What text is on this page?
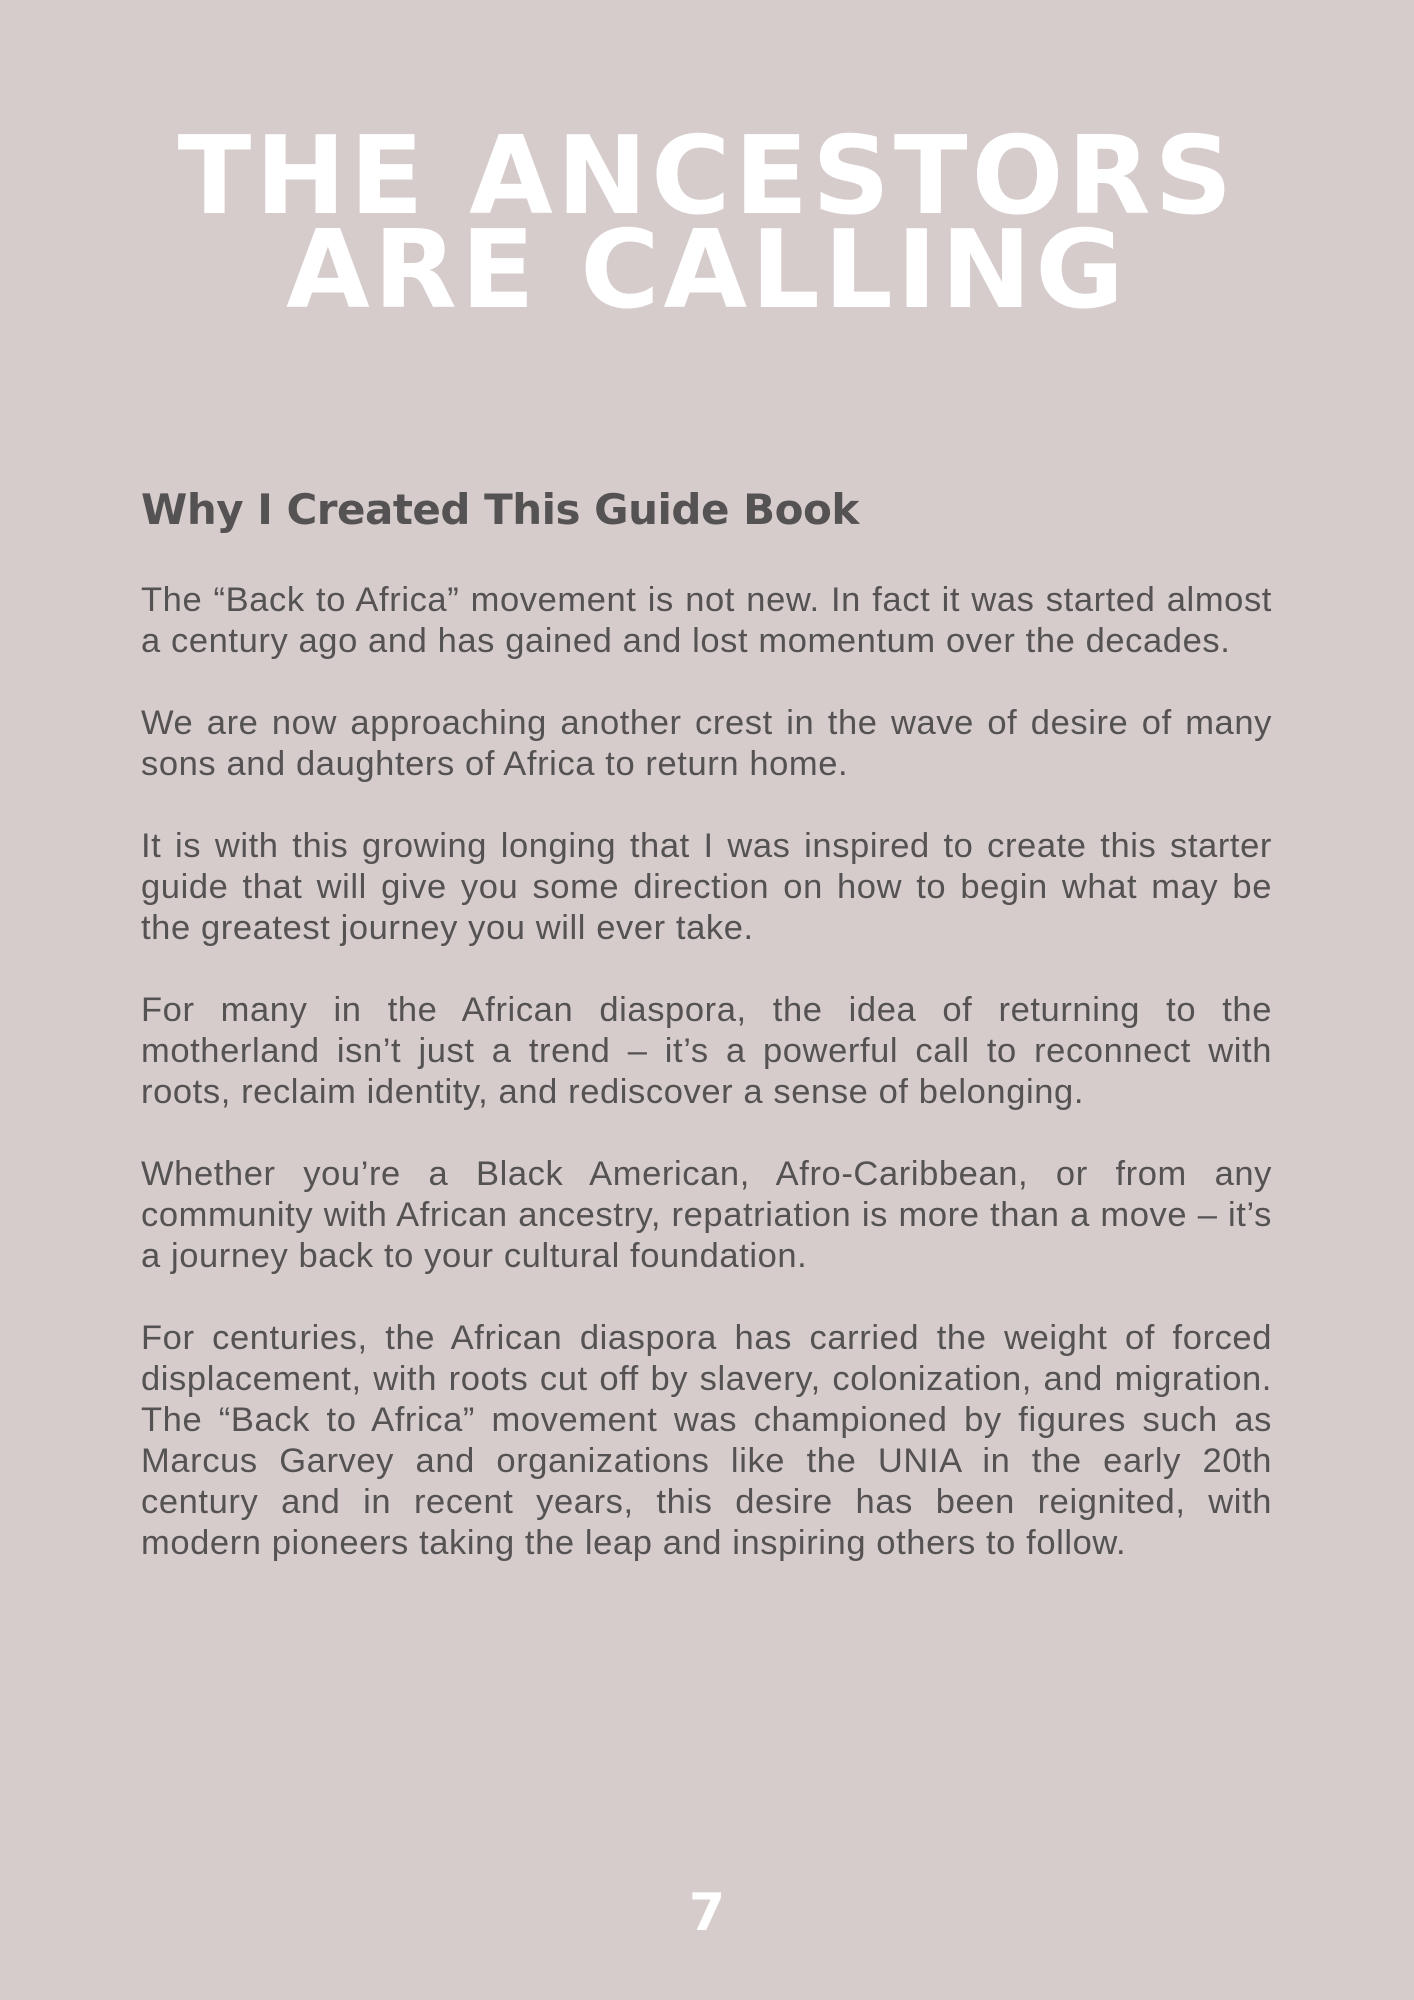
THE ANCESTORS
ARE CALLING
Why I Created This Guide Book

The “Back to Africa” movement is not new. In fact it was started almost a century ago and has gained and lost momentum over the decades.

We are now approaching another crest in the wave of desire of many sons and daughters of Africa to return home.

It is with this growing longing that I was inspired to create this starter guide that will give you some direction on how to begin what may be the greatest journey you will ever take.

For many in the African diaspora, the idea of returning to the motherland isn’t just a trend – it’s a powerful call to reconnect with roots, reclaim identity, and rediscover a sense of belonging.

Whether you’re a Black American, Afro-Caribbean, or from any community with African ancestry, repatriation is more than a move – it’s a journey back to your cultural foundation.

For centuries, the African diaspora has carried the weight of forced displacement, with roots cut off by slavery, colonization, and migration. The “Back to Africa” movement was championed by figures such as Marcus Garvey and organizations like the UNIA in the early 20th century and in recent years, this desire has been reignited, with modern pioneers taking the leap and inspiring others to follow.

7
